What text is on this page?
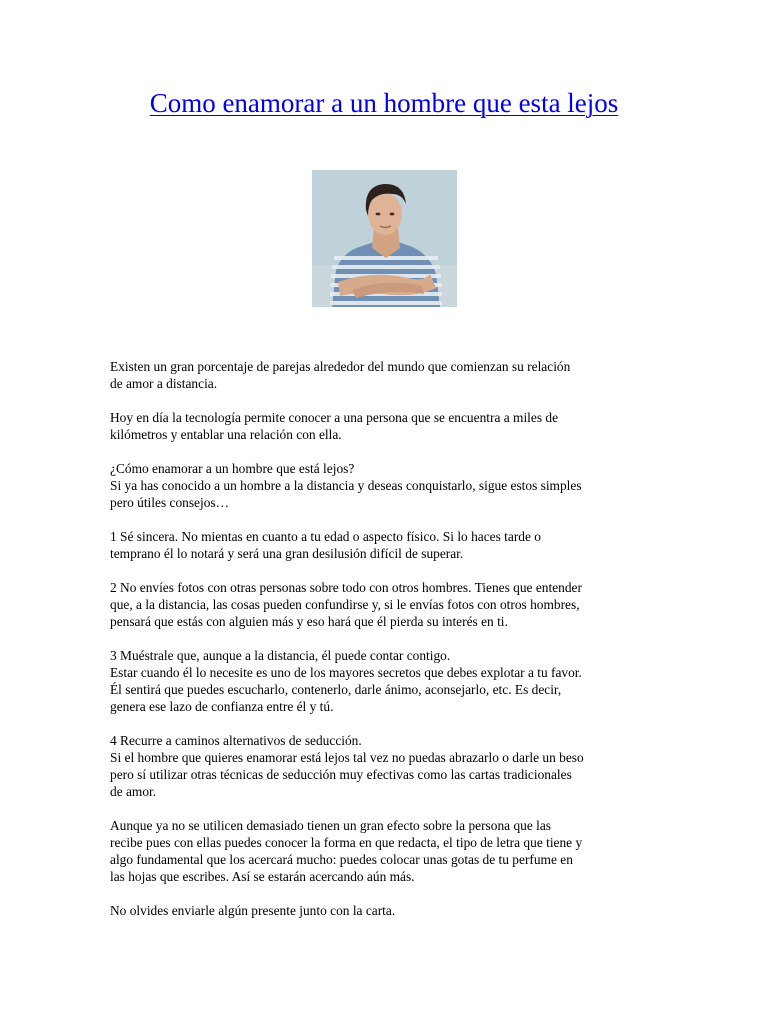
Como enamorar a un hombre que esta lejos

Existen un gran porcentaje de parejas alrededor del mundo que comienzan su relación
de amor a distancia.

Hoy en día la tecnología permite conocer a una persona que se encuentra a miles de
kilómetros y entablar una relación con ella.

¿Cómo enamorar a un hombre que está lejos?
Si ya has conocido a un hombre a la distancia y deseas conquistarlo, sigue estos simples
pero útiles consejos…

1 Sé sincera. No mientas en cuanto a tu edad o aspecto físico. Si lo haces tarde o
temprano él lo notará y será una gran desilusión difícil de superar.

2 No envíes fotos con otras personas sobre todo con otros hombres. Tienes que entender
que, a la distancia, las cosas pueden confundirse y, si le envías fotos con otros hombres,
pensará que estás con alguien más y eso hará que él pierda su interés en ti.

3 Muéstrale que, aunque a la distancia, él puede contar contigo.
Estar cuando él lo necesite es uno de los mayores secretos que debes explotar a tu favor.
Él sentirá que puedes escucharlo, contenerlo, darle ánimo, aconsejarlo, etc. Es decir,
genera ese lazo de confianza entre él y tú.

4 Recurre a caminos alternativos de seducción.
Si el hombre que quieres enamorar está lejos tal vez no puedas abrazarlo o darle un beso
pero sí utilizar otras técnicas de seducción muy efectivas como las cartas tradicionales
de amor.

Aunque ya no se utilicen demasiado tienen un gran efecto sobre la persona que las
recibe pues con ellas puedes conocer la forma en que redacta, el tipo de letra que tiene y
algo fundamental que los acercará mucho: puedes colocar unas gotas de tu perfume en
las hojas que escribes. Así se estarán acercando aún más.

No olvides enviarle algún presente junto con la carta.
